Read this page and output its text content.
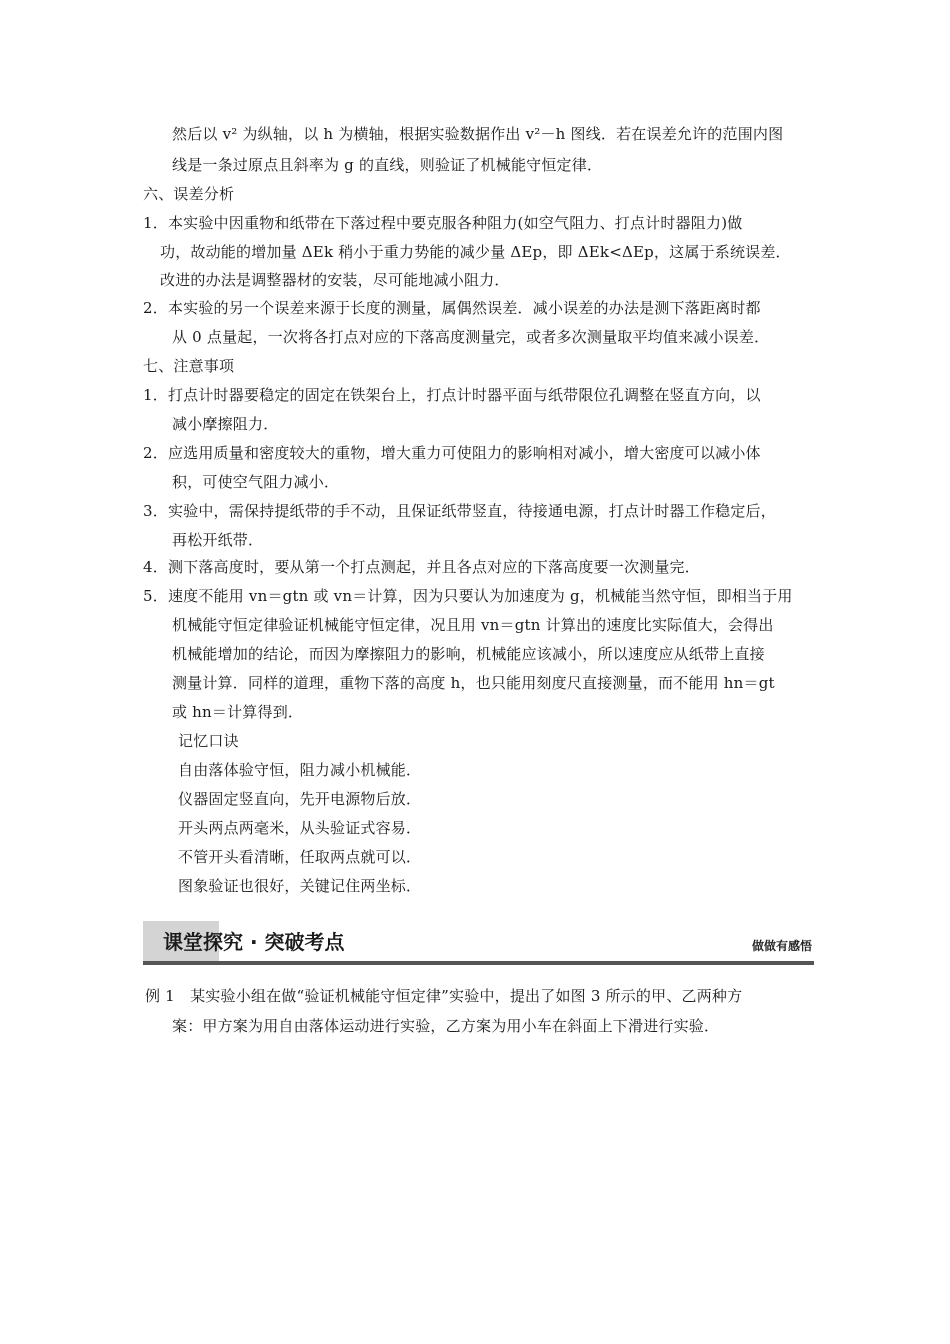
然后以 v² 为纵轴，以 h 为横轴，根据实验数据作出 v²－h 图线．若在误差允许的范围内图
线是一条过原点且斜率为 g 的直线，则验证了机械能守恒定律．
六、误差分析
1．本实验中因重物和纸带在下落过程中要克服各种阻力(如空气阻力、打点计时器阻力)做
功，故动能的增加量 ΔEk 稍小于重力势能的减少量 ΔEp，即 ΔEk<ΔEp，这属于系统误差．
改进的办法是调整器材的安装，尽可能地减小阻力．
2．本实验的另一个误差来源于长度的测量，属偶然误差．减小误差的办法是测下落距离时都
从 0 点量起，一次将各打点对应的下落高度测量完，或者多次测量取平均值来减小误差．
七、注意事项
1．打点计时器要稳定的固定在铁架台上，打点计时器平面与纸带限位孔调整在竖直方向，以
减小摩擦阻力．
2．应选用质量和密度较大的重物，增大重力可使阻力的影响相对减小，增大密度可以减小体
积，可使空气阻力减小．
3．实验中，需保持提纸带的手不动，且保证纸带竖直，待接通电源，打点计时器工作稳定后，
再松开纸带．
4．测下落高度时，要从第一个打点测起，并且各点对应的下落高度要一次测量完．
5．速度不能用 vn＝gtn 或 vn＝计算，因为只要认为加速度为 g，机械能当然守恒，即相当于用
机械能守恒定律验证机械能守恒定律，况且用 vn＝gtn 计算出的速度比实际值大，会得出
机械能增加的结论，而因为摩擦阻力的影响，机械能应该减小，所以速度应从纸带上直接
测量计算．同样的道理，重物下落的高度 h，也只能用刻度尺直接测量，而不能用 hn＝gt
或 hn＝计算得到．
记忆口诀
自由落体验守恒，阻力减小机械能．
仪器固定竖直向，先开电源物后放．
开头两点两毫米，从头验证式容易．
不管开头看清晰，任取两点就可以．
图象验证也很好，关键记住两坐标．
例 1　某实验小组在做“验证机械能守恒定律”实验中，提出了如图 3 所示的甲、乙两种方
案：甲方案为用自由落体运动进行实验，乙方案为用小车在斜面上下滑进行实验．
课堂探究 · 突破考点	做做有感悟
